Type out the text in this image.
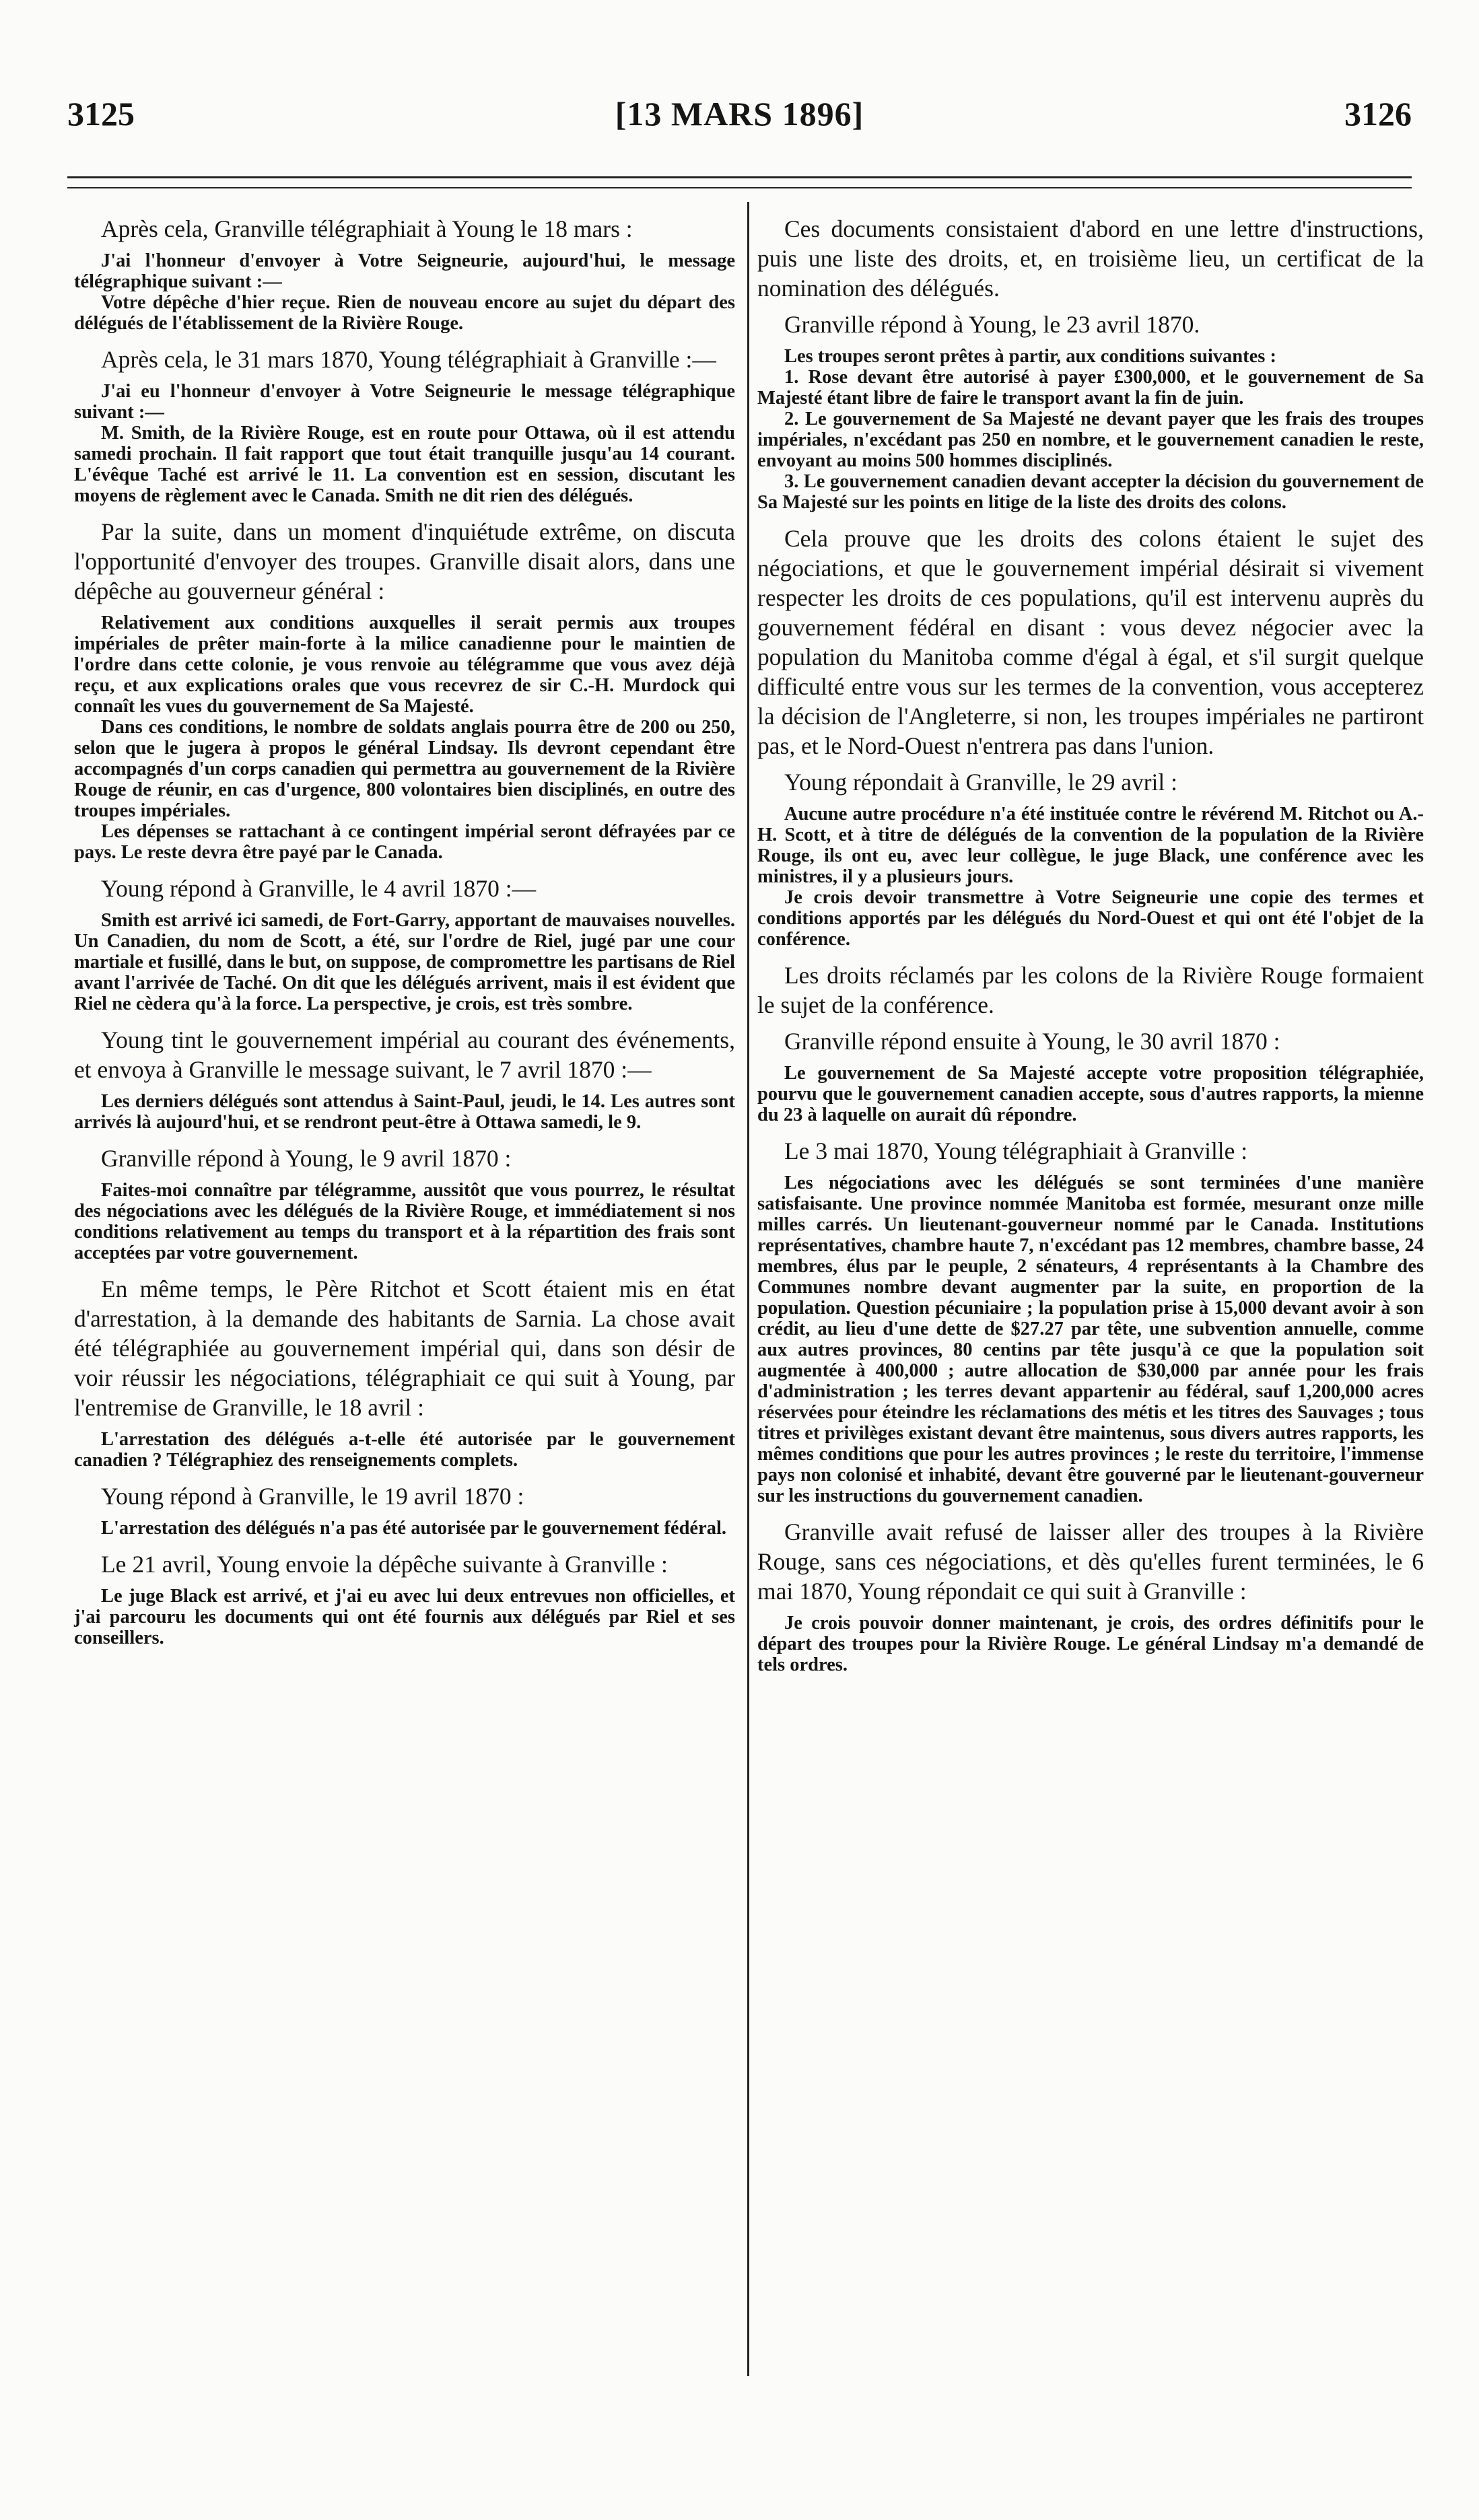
3125	[13 MARS 1896]	3126

Après cela, Granville télégraphiait à Young le 18 mars :

J'ai l'honneur d'envoyer à Votre Seigneurie, aujourd'hui, le message télégraphique suivant :—

Votre dépêche d'hier reçue. Rien de nouveau encore au sujet du départ des délégués de l'établissement de la Rivière Rouge.

Après cela, le 31 mars 1870, Young télégraphiait à Granville :—

J'ai eu l'honneur d'envoyer à Votre Seigneurie le message télégraphique suivant :—

M. Smith, de la Rivière Rouge, est en route pour Ottawa, où il est attendu samedi prochain. Il fait rapport que tout était tranquille jusqu'au 14 courant. L'évêque Taché est arrivé le 11. La convention est en session, discutant les moyens de règlement avec le Canada. Smith ne dit rien des délégués.

Par la suite, dans un moment d'inquiétude extrême, on discuta l'opportunité d'envoyer des troupes. Granville disait alors, dans une dépêche au gouverneur général :

Relativement aux conditions auxquelles il serait permis aux troupes impériales de prêter main-forte à la milice canadienne pour le maintien de l'ordre dans cette colonie, je vous renvoie au télégramme que vous avez déjà reçu, et aux explications orales que vous recevrez de sir C.-H. Murdock qui connaît les vues du gouvernement de Sa Majesté.

Dans ces conditions, le nombre de soldats anglais pourra être de 200 ou 250, selon que le jugera à propos le général Lindsay. Ils devront cependant être accompagnés d'un corps canadien qui permettra au gouvernement de la Rivière Rouge de réunir, en cas d'urgence, 800 volontaires bien disciplinés, en outre des troupes impériales.

Les dépenses se rattachant à ce contingent impérial seront défrayées par ce pays. Le reste devra être payé par le Canada.

Young répond à Granville, le 4 avril 1870 :—

Smith est arrivé ici samedi, de Fort-Garry, apportant de mauvaises nouvelles. Un Canadien, du nom de Scott, a été, sur l'ordre de Riel, jugé par une cour martiale et fusillé, dans le but, on suppose, de compromettre les partisans de Riel avant l'arrivée de Taché. On dit que les délégués arrivent, mais il est évident que Riel ne cèdera qu'à la force. La perspective, je crois, est très sombre.

Young tint le gouvernement impérial au courant des événements, et envoya à Granville le message suivant, le 7 avril 1870 :—

Les derniers délégués sont attendus à Saint-Paul, jeudi, le 14. Les autres sont arrivés là aujourd'hui, et se rendront peut-être à Ottawa samedi, le 9.

Granville répond à Young, le 9 avril 1870 :

Faites-moi connaître par télégramme, aussitôt que vous pourrez, le résultat des négociations avec les délégués de la Rivière Rouge, et immédiatement si nos conditions relativement au temps du transport et à la répartition des frais sont acceptées par votre gouvernement.

En même temps, le Père Ritchot et Scott étaient mis en état d'arrestation, à la demande des habitants de Sarnia. La chose avait été télégraphiée au gouvernement impérial qui, dans son désir de voir réussir les négociations, télégraphiait ce qui suit à Young, par l'entremise de Granville, le 18 avril :

L'arrestation des délégués a-t-elle été autorisée par le gouvernement canadien ? Télégraphiez des renseignements complets.

Young répond à Granville, le 19 avril 1870 :

L'arrestation des délégués n'a pas été autorisée par le gouvernement fédéral.

Le 21 avril, Young envoie la dépêche suivante à Granville :

Le juge Black est arrivé, et j'ai eu avec lui deux entrevues non officielles, et j'ai parcouru les documents qui ont été fournis aux délégués par Riel et ses conseillers.

Ces documents consistaient d'abord en une lettre d'instructions, puis une liste des droits, et, en troisième lieu, un certificat de la nomination des délégués.

Granville répond à Young, le 23 avril 1870.

Les troupes seront prêtes à partir, aux conditions suivantes :

1. Rose devant être autorisé à payer £300,000, et le gouvernement de Sa Majesté étant libre de faire le transport avant la fin de juin.

2. Le gouvernement de Sa Majesté ne devant payer que les frais des troupes impériales, n'excédant pas 250 en nombre, et le gouvernement canadien le reste, envoyant au moins 500 hommes disciplinés.

3. Le gouvernement canadien devant accepter la décision du gouvernement de Sa Majesté sur les points en litige de la liste des droits des colons.

Cela prouve que les droits des colons étaient le sujet des négociations, et que le gouvernement impérial désirait si vivement respecter les droits de ces populations, qu'il est intervenu auprès du gouvernement fédéral en disant : vous devez négocier avec la population du Manitoba comme d'égal à égal, et s'il surgit quelque difficulté entre vous sur les termes de la convention, vous accepterez la décision de l'Angleterre, si non, les troupes impériales ne partiront pas, et le Nord-Ouest n'entrera pas dans l'union.

Young répondait à Granville, le 29 avril :

Aucune autre procédure n'a été instituée contre le révérend M. Ritchot ou A.-H. Scott, et à titre de délégués de la convention de la population de la Rivière Rouge, ils ont eu, avec leur collègue, le juge Black, une conférence avec les ministres, il y a plusieurs jours.

Je crois devoir transmettre à Votre Seigneurie une copie des termes et conditions apportés par les délégués du Nord-Ouest et qui ont été l'objet de la conférence.

Les droits réclamés par les colons de la Rivière Rouge formaient le sujet de la conférence.

Granville répond ensuite à Young, le 30 avril 1870 :

Le gouvernement de Sa Majesté accepte votre proposition télégraphiée, pourvu que le gouvernement canadien accepte, sous d'autres rapports, la mienne du 23 à laquelle on aurait dû répondre.

Le 3 mai 1870, Young télégraphiait à Granville :

Les négociations avec les délégués se sont terminées d'une manière satisfaisante. Une province nommée Manitoba est formée, mesurant onze mille milles carrés. Un lieutenant-gouverneur nommé par le Canada. Institutions représentatives, chambre haute 7, n'excédant pas 12 membres, chambre basse, 24 membres, élus par le peuple, 2 sénateurs, 4 représentants à la Chambre des Communes nombre devant augmenter par la suite, en proportion de la population. Question pécuniaire ; la population prise à 15,000 devant avoir à son crédit, au lieu d'une dette de $27.27 par tête, une subvention annuelle, comme aux autres provinces, 80 centins par tête jusqu'à ce que la population soit augmentée à 400,000 ; autre allocation de $30,000 par année pour les frais d'administration ; les terres devant appartenir au fédéral, sauf 1,200,000 acres réservées pour éteindre les réclamations des métis et les titres des Sauvages ; tous titres et privilèges existant devant être maintenus, sous divers autres rapports, les mêmes conditions que pour les autres provinces ; le reste du territoire, l'immense pays non colonisé et inhabité, devant être gouverné par le lieutenant-gouverneur sur les instructions du gouvernement canadien.

Granville avait refusé de laisser aller des troupes à la Rivière Rouge, sans ces négociations, et dès qu'elles furent terminées, le 6 mai 1870, Young répondait ce qui suit à Granville :

Je crois pouvoir donner maintenant, je crois, des ordres définitifs pour le départ des troupes pour la Rivière Rouge. Le général Lindsay m'a demandé de tels ordres.
